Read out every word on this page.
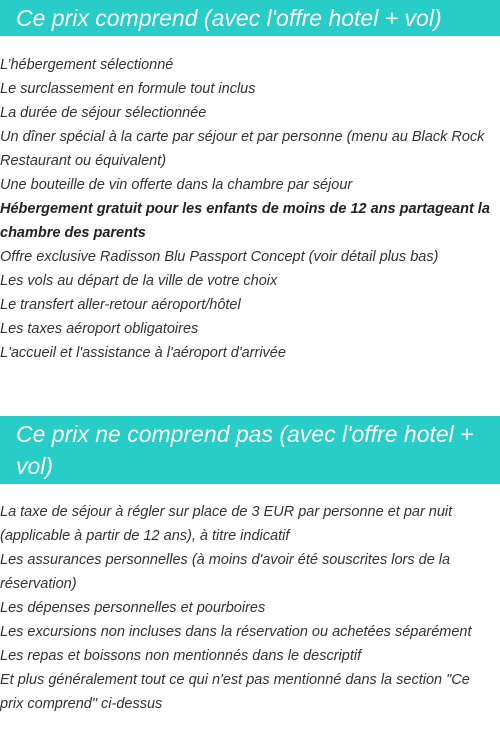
Ce prix comprend (avec l'offre hotel + vol)
L’hébergement sélectionné
Le surclassement en formule tout inclus
La durée de séjour sélectionnée
Un dîner spécial à la carte par séjour et par personne (menu au Black Rock Restaurant ou équivalent)
Une bouteille de vin offerte dans la chambre par séjour
Hébergement gratuit pour les enfants de moins de 12 ans partageant la chambre des parents
Offre exclusive Radisson Blu Passport Concept (voir détail plus bas)
Les vols au départ de la ville de votre choix
Le transfert aller-retour aéroport/hôtel
Les taxes aéroport obligatoires
L'accueil et l'assistance à l'aéroport d'arrivée
Ce prix ne comprend pas (avec l'offre hotel + vol)
La taxe de séjour à régler sur place de 3 EUR par personne et par nuit (applicable à partir de 12 ans), à titre indicatif
Les assurances personnelles (à moins d'avoir été souscrites lors de la réservation)
Les dépenses personnelles et pourboires
Les excursions non incluses dans la réservation ou achetées séparément
Les repas et boissons non mentionnés dans le descriptif
Et plus généralement tout ce qui n'est pas mentionné dans la section "Ce prix comprend" ci-dessus
